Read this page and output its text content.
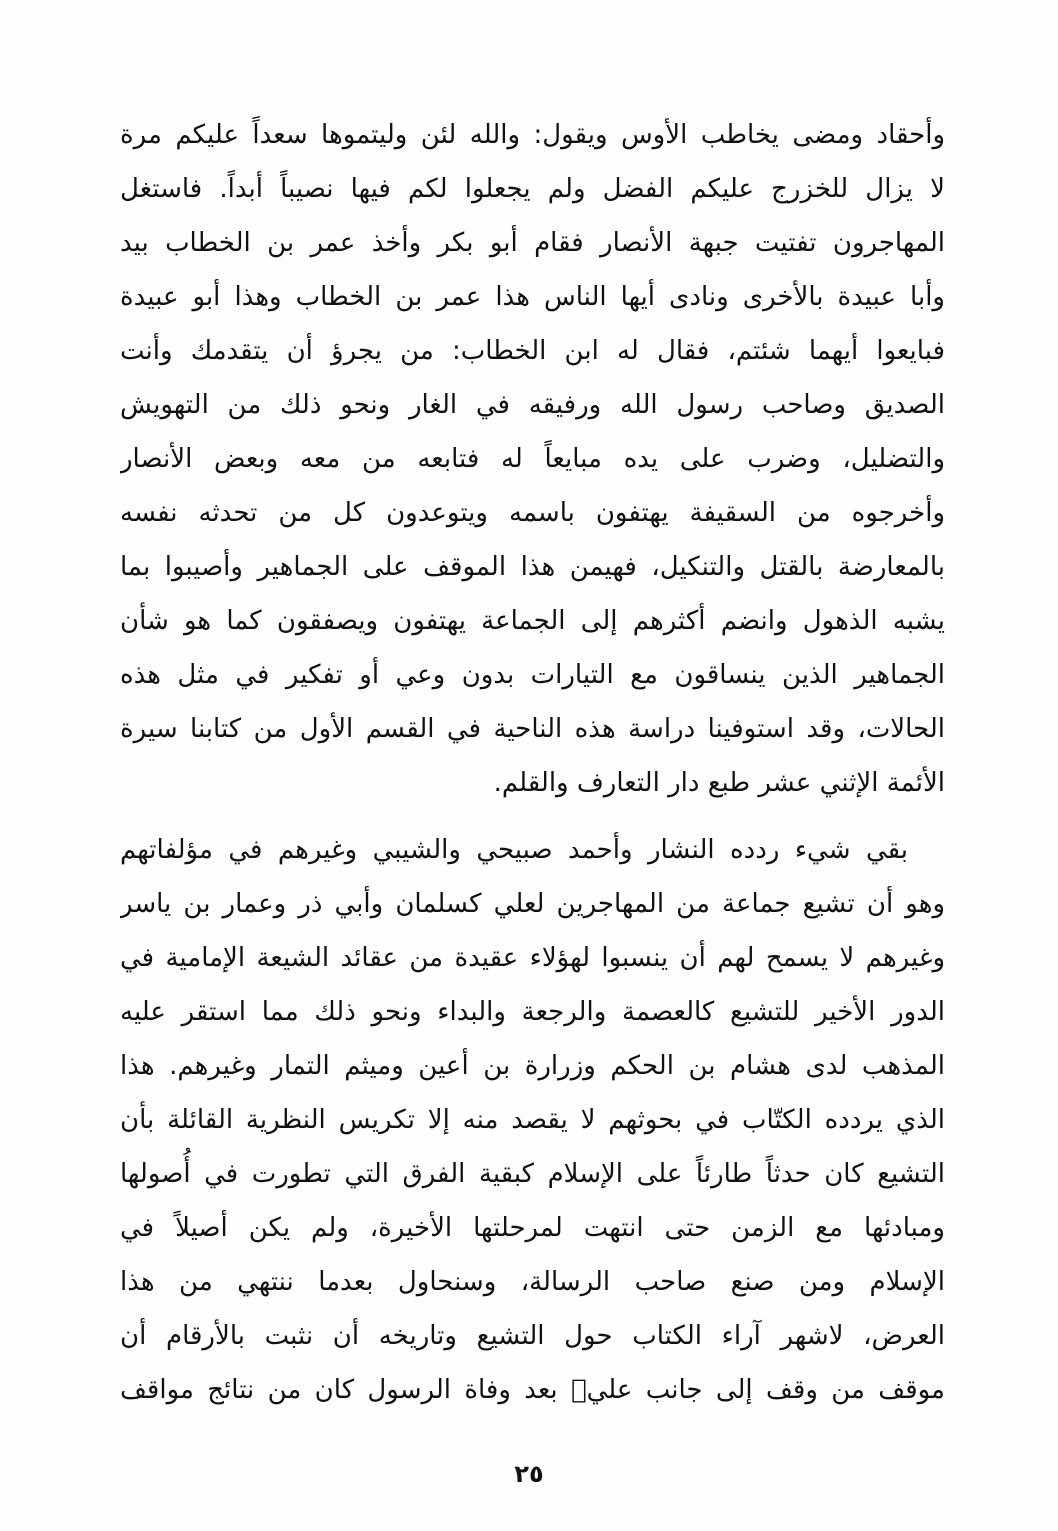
وأحقاد ومضى يخاطب الأوس ويقول: والله لئن وليتموها سعداً عليكم مرة
لا يزال للخزرج عليكم الفضل ولم يجعلوا لكم فيها نصيباً أبداً. فاستغل
المهاجرون تفتيت جبهة الأنصار فقام أبو بكر وأخذ عمر بن الخطاب بيد
وأبا عبيدة بالأخرى ونادى أيها الناس هذا عمر بن الخطاب وهذا أبو عبيدة
فبايعوا أيهما شئتم، فقال له ابن الخطاب: من يجرؤ أن يتقدمك وأنت
الصديق وصاحب رسول الله ورفيقه في الغار ونحو ذلك من التهويش
والتضليل، وضرب على يده مبايعاً له فتابعه من معه وبعض الأنصار
وأخرجوه من السقيفة يهتفون باسمه ويتوعدون كل من تحدثه نفسه
بالمعارضة بالقتل والتنكيل، فهيمن هذا الموقف على الجماهير وأصيبوا بما
يشبه الذهول وانضم أكثرهم إلى الجماعة يهتفون ويصفقون كما هو شأن
الجماهير الذين ينساقون مع التيارات بدون وعي أو تفكير في مثل هذه
الحالات، وقد استوفينا دراسة هذه الناحية في القسم الأول من كتابنا سيرة
الأئمة الإثني عشر طبع دار التعارف والقلم.
بقي شيء ردده النشار وأحمد صبيحي والشيبي وغيرهم في مؤلفاتهم
وهو أن تشيع جماعة من المهاجرين لعلي كسلمان وأبي ذر وعمار بن ياسر
وغيرهم لا يسمح لهم أن ينسبوا لهؤلاء عقيدة من عقائد الشيعة الإمامية في
الدور الأخير للتشيع كالعصمة والرجعة والبداء ونحو ذلك مما استقر عليه
المذهب لدى هشام بن الحكم وزرارة بن أعين وميثم التمار وغيرهم. هذا
الذي يردده الكتّاب في بحوثهم لا يقصد منه إلا تكريس النظرية القائلة بأن
التشيع كان حدثاً طارئاً على الإسلام كبقية الفرق التي تطورت في أُصولها
ومبادئها مع الزمن حتى انتهت لمرحلتها الأخيرة، ولم يكن أصيلاً في
الإسلام ومن صنع صاحب الرسالة، وسنحاول بعدما ننتهي من هذا
العرض، لاشهر آراء الكتاب حول التشيع وتاريخه أن نثبت بالأرقام أن
موقف من وقف إلى جانب عليؑ بعد وفاة الرسول كان من نتائج مواقف
٢٥
